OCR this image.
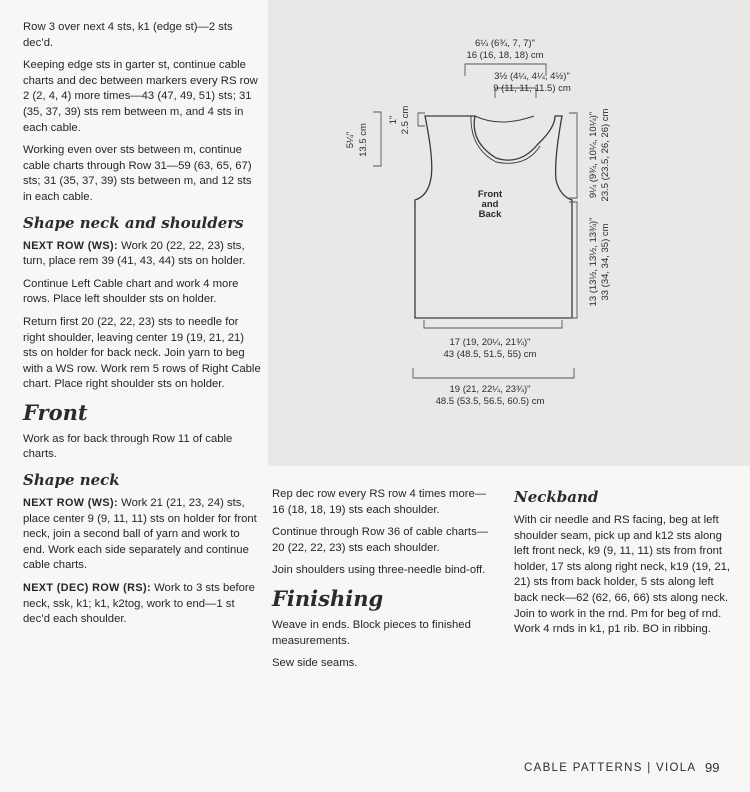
Row 3 over next 4 sts, k1 (edge st)—2 sts dec’d.

Keeping edge sts in garter st, continue cable charts and dec between markers every RS row 2 (2, 4, 4) more times—43 (47, 49, 51) sts; 31 (35, 37, 39) sts rem between m, and 4 sts in each cable.

Working even over sts between m, continue cable charts through Row 31—59 (63, 65, 67) sts; 31 (35, 37, 39) sts between m, and 12 sts in each cable.

Shape neck and shoulders

NEXT ROW (WS): Work 20 (22, 22, 23) sts, turn, place rem 39 (41, 43, 44) sts on holder.

Continue Left Cable chart and work 4 more rows. Place left shoulder sts on holder.

Return first 20 (22, 22, 23) sts to needle for right shoulder, leaving center 19 (19, 21, 21) sts on holder for back neck. Join yarn to beg with a WS row. Work rem 5 rows of Right Cable chart. Place right shoulder sts on holder.

Front

Work as for back through Row 11 of cable charts.

Shape neck

NEXT ROW (WS): Work 21 (21, 23, 24) sts, place center 9 (9, 11, 11) sts on holder for front neck, join a second ball of yarn and work to end. Work each side separately and continue cable charts.

NEXT (DEC) ROW (RS): Work to 3 sts before neck, ssk, k1; k1, k2tog, work to end—1 st dec’d each shoulder.

6¼ (6¾, 7, 7)"
16 (16, 18, 18) cm
3½ (4¼, 4¼, 4½)"
9 (11, 11, 11.5) cm
Front
and
Back
17 (19, 20¼, 21¾)"
43 (48.5, 51.5, 55) cm
19 (21, 22¼, 23¾)"
48.5 (53.5, 56.5, 60.5) cm
5¼" 13.5 cm
1" 2.5 cm	9¼ (9¾, 10¼, 10¼)" 23.5 (23.5, 26, 26) cm
13 (13½, 13½, 13¾)" 33 (34, 34, 35) cm

Rep dec row every RS row 4 times more—16 (18, 18, 19) sts each shoulder.

Continue through Row 36 of cable charts—20 (22, 22, 23) sts each shoulder.

Join shoulders using three-needle bind-off.

Finishing

Weave in ends. Block pieces to finished measurements.

Sew side seams.

Neckband

With cir needle and RS facing, beg at left shoulder seam, pick up and k12 sts along left front neck, k9 (9, 11, 11) sts from front holder, 17 sts along right neck, k19 (19, 21, 21) sts from back holder, 5 sts along left back neck—62 (62, 66, 66) sts along neck. Join to work in the rnd. Pm for beg of rnd. Work 4 rnds in k1, p1 rib. BO in ribbing.

CABLE PATTERNS | VIOLA 99
